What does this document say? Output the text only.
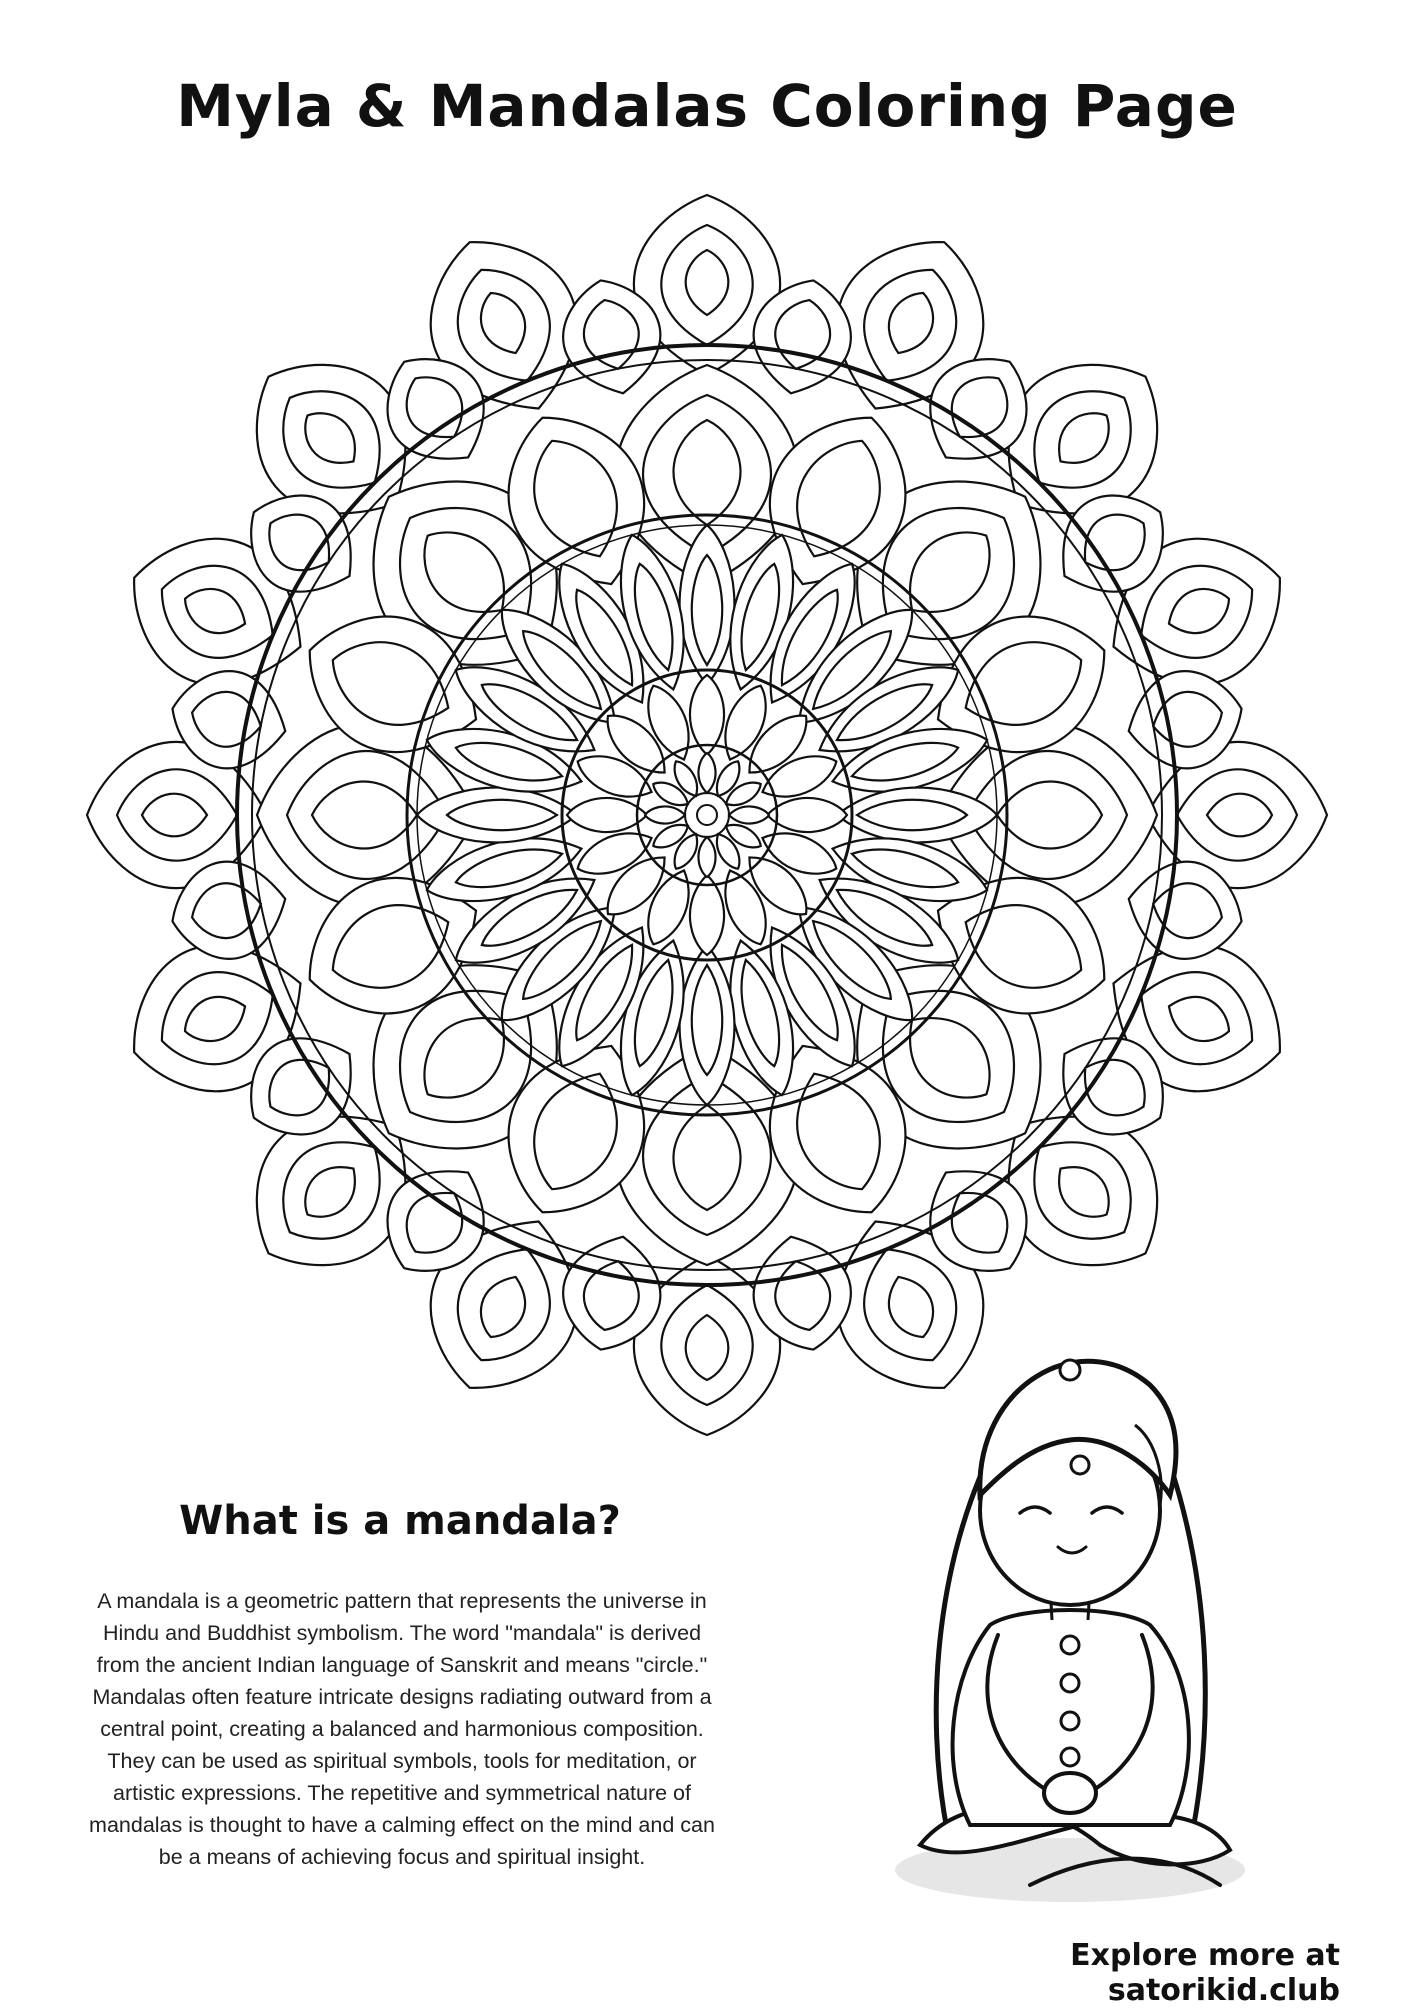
Myla & Mandalas Coloring Page
What is a mandala?
A mandala is a geometric pattern that represents the universe in Hindu and Buddhist symbolism. The word "mandala" is derived from the ancient Indian language of Sanskrit and means "circle." Mandalas often feature intricate designs radiating outward from a central point, creating a balanced and harmonious composition. They can be used as spiritual symbols, tools for meditation, or artistic expressions. The repetitive and symmetrical nature of mandalas is thought to have a calming effect on the mind and can be a means of achieving focus and spiritual insight.
Explore more at satorikid.club
